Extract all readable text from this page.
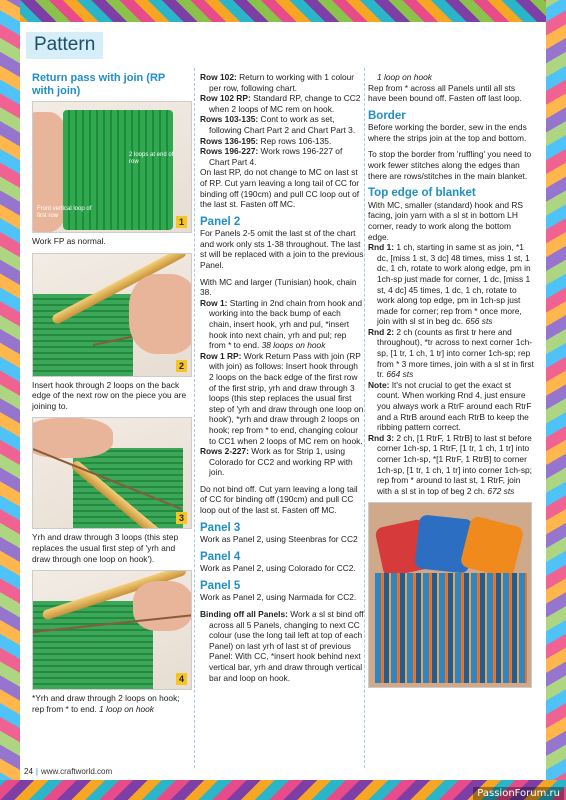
Pattern

Return pass with join (RP with join)

2 loops at end of row
Front vertical loop of first row
1

Work FP as normal.

2

Insert hook through 2 loops on the back edge of the next row on the piece you are joining to.

3

Yrh and draw through 3 loops (this step replaces the usual first step of 'yrh and draw through one loop on hook').

4

*Yrh and draw through 2 loops on hook; rep from * to end. 1 loop on hook

Row 102: Return to working with 1 colour per row, following chart.

Row 102 RP: Standard RP, change to CC2 when 2 loops of MC rem on hook.

Rows 103-135: Cont to work as set, following Chart Part 2 and Chart Part 3.

Rows 136-195: Rep rows 106-135.

Rows 196-227: Work rows 196-227 of Chart Part 4.

On last RP, do not change to MC on last st of RP. Cut yarn leaving a long tail of CC for binding off (190cm) and pull CC loop out of the last st. Fasten off MC.

Panel 2

For Panels 2-5 omit the last st of the chart and work only sts 1-38 throughout. The last st will be replaced with a join to the previous Panel.

With MC and larger (Tunisian) hook, chain 38.

Row 1: Starting in 2nd chain from hook and working into the back bump of each chain, insert hook, yrh and pul, *insert hook into next chain, yrh and pul; rep from * to end. 38 loops on hook

Row 1 RP: Work Return Pass with join (RP with join) as follows: Insert hook through 2 loops on the back edge of the first row of the first strip, yrh and draw through 3 loops (this step replaces the usual first step of 'yrh and draw through one loop on hook'), *yrh and draw through 2 loops on hook; rep from * to end, changing colour to CC1 when 2 loops of MC rem on hook.

Rows 2-227: Work as for Strip 1, using Colorado for CC2 and working RP with join.

Do not bind off. Cut yarn leaving a long tail of CC for binding off (190cm) and pull CC loop out of the last st. Fasten off MC.

Panel 3

Work as Panel 2, using Steenbras for CC2

Panel 4

Work as Panel 2, using Colorado for CC2.

Panel 5

Work as Panel 2, using Narmada for CC2.

Binding off all Panels: Work a sl st bind off across all 5 Panels, changing to next CC colour (use the long tail left at top of each Panel) on last yrh of last st of previous Panel: With CC, *insert hook behind next vertical bar, yrh and draw through vertical bar and loop on hook.

1 loop on hook

Rep from * across all Panels until all sts have been bound off. Fasten off last loop.

Border

Before working the border, sew in the ends where the strips join at the top and bottom.

To stop the border from 'ruffling' you need to work fewer stitches along the edges than there are rows/stitches in the main blanket.

Top edge of blanket

With MC, smaller (standard) hook and RS facing, join yarn with a sl st in bottom LH corner, ready to work along the bottom edge.

Rnd 1: 1 ch, starting in same st as join, *1 dc, [miss 1 st, 3 dc] 48 times, miss 1 st, 1 dc, 1 ch, rotate to work along edge, pm in 1ch-sp just made for corner, 1 dc, [miss 1 st, 4 dc] 45 times, 1 dc, 1 ch, rotate to work along top edge, pm in 1ch-sp just made for corner; rep from * once more, join with sl st in beg dc. 656 sts

Rnd 2: 2 ch (counts as first tr here and throughout), *tr across to next corner 1ch-sp, [1 tr, 1 ch, 1 tr] into corner 1ch-sp; rep from * 3 more times, join with a sl st in first tr. 664 sts

Note: It's not crucial to get the exact st count. When working Rnd 4, just ensure you always work a RtrF around each RtrF and a RtrB around each RtrB to keep the ribbing pattern correct.

Rnd 3: 2 ch, [1 RtrF, 1 RtrB] to last st before corner 1ch-sp, 1 RtrF, [1 tr, 1 ch, 1 tr] into corner 1ch-sp, *[1 RtrF, 1 RtrB] to corner 1ch-sp, [1 tr, 1 ch, 1 tr] into corner 1ch-sp; rep from * around to last st, 1 RtrF, join with a sl st in top of beg 2 ch. 672 sts

24 | www.craftworld.com
PassionForum.ru
